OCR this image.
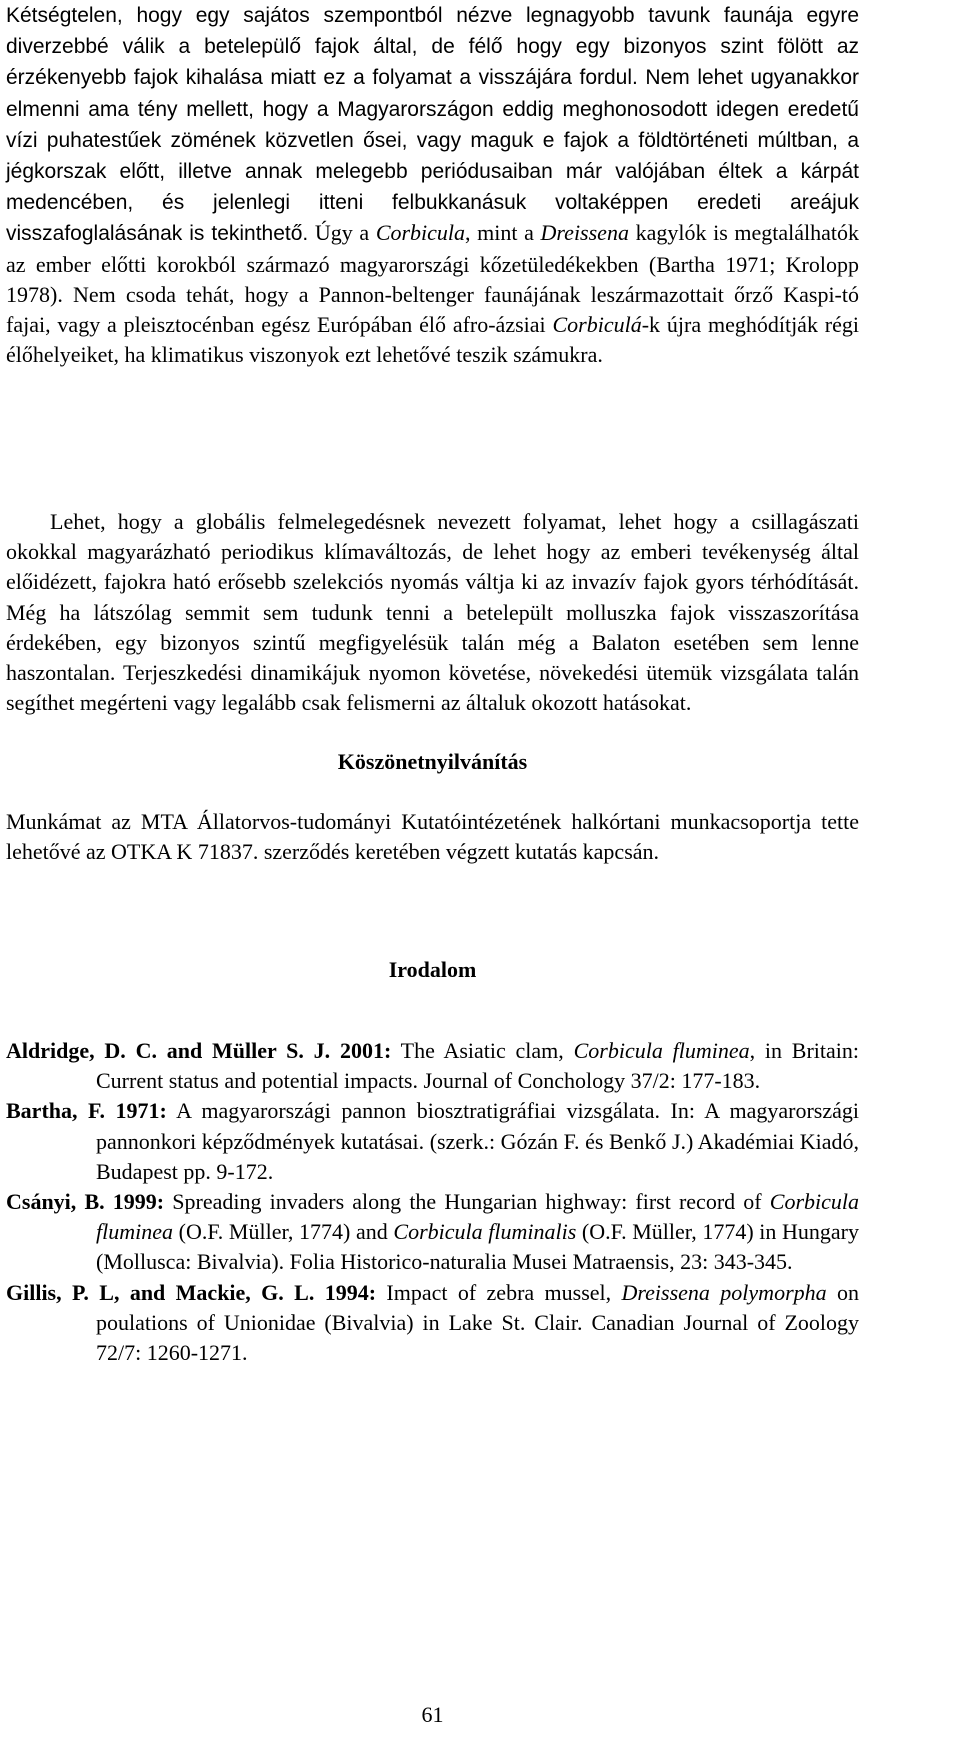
Kétségtelen, hogy egy sajátos szempontból nézve legnagyobb tavunk faunája egyre diverzebbé válik a betelepülő fajok által, de félő hogy egy bizonyos szint fölött az érzékenyebb fajok kihalása miatt ez a folyamat a visszájára fordul. Nem lehet ugyanakkor elmenni ama tény mellett, hogy a Magyarországon eddig meghonosodott idegen eredetű vízi puhatestűek zömének közvetlen ősei, vagy maguk e fajok a földtörténeti múltban, a jégkorszak előtt, illetve annak melegebb periódusaiban már valójában éltek a kárpát medencében, és jelenlegi itteni felbukkanásuk voltaképpen eredeti areájuk visszafoglalásának is tekinthető. Úgy a Corbicula, mint a Dreissena kagylók is megtalálhatók az ember előtti korokból származó magyarországi kőzetüledékekben (Bartha 1971; Krolopp 1978). Nem csoda tehát, hogy a Pannon-beltenger faunájának leszármazottait őrző Kaspi-tó fajai, vagy a pleisztocénban egész Európában élő afro-ázsiai Corbiculá-k újra meghódítják régi élőhelyeiket, ha klimatikus viszonyok ezt lehetővé teszik számukra.

Lehet, hogy a globális felmelegedésnek nevezett folyamat, lehet hogy a csillagászati okokkal magyarázható periodikus klímaváltozás, de lehet hogy az emberi tevékenység által előidézett, fajokra ható erősebb szelekciós nyomás váltja ki az invazív fajok gyors térhódítását. Még ha látszólag semmit sem tudunk tenni a betelepült molluszka fajok visszaszorítása érdekében, egy bizonyos szintű megfigyelésük talán még a Balaton esetében sem lenne haszontalan. Terjeszkedési dinamikájuk nyomon követése, növekedési ütemük vizsgálata talán segíthet megérteni vagy legalább csak felismerni az általuk okozott hatásokat.

Köszönetnyilvánítás

Munkámat az MTA Állatorvos-tudományi Kutatóintézetének halkórtani munkacsoportja tette lehetővé az OTKA K 71837. szerződés keretében végzett kutatás kapcsán.

Irodalom
Aldridge, D. C. and Müller S. J. 2001: The Asiatic clam, Corbicula fluminea, in Britain: Current status and potential impacts. Journal of Conchology 37/2: 177-183.
Bartha, F. 1971: A magyarországi pannon biosztratigráfiai vizsgálata. In: A magyarországi pannonkori képződmények kutatásai. (szerk.: Gózán F. és Benkő J.) Akadémiai Kiadó, Budapest pp. 9-172.
Csányi, B. 1999: Spreading invaders along the Hungarian highway: first record of Corbicula fluminea (O.F. Müller, 1774) and Corbicula fluminalis (O.F. Müller, 1774) in Hungary (Mollusca: Bivalvia). Folia Historico-naturalia Musei Matraensis, 23: 343-345.
Gillis, P. L, and Mackie, G. L. 1994: Impact of zebra mussel, Dreissena polymorpha on poulations of Unionidae (Bivalvia) in Lake St. Clair. Canadian Journal of Zoology 72/7: 1260-1271.

61
